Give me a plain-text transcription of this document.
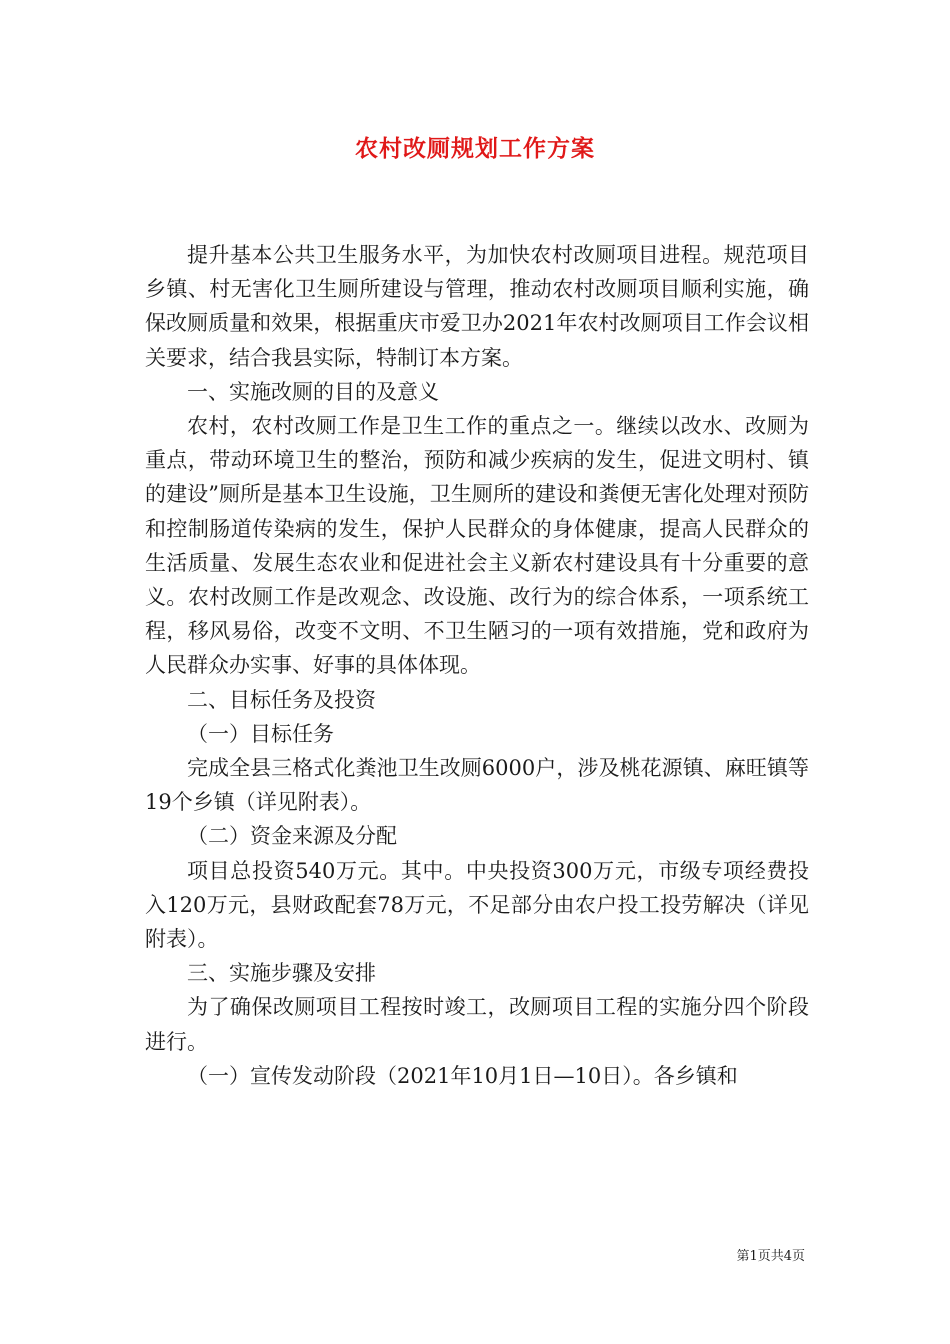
农村改厕规划工作方案

提升基本公共卫生服务水平，为加快农村改厕项目进程。规范项目乡镇、村无害化卫生厕所建设与管理，推动农村改厕项目顺利实施，确保改厕质量和效果，根据重庆市爱卫办2021年农村改厕项目工作会议相关要求，结合我县实际，特制订本方案。

一、实施改厕的目的及意义

农村，农村改厕工作是卫生工作的重点之一。继续以改水、改厕为重点，带动环境卫生的整治，预防和减少疾病的发生，促进文明村、镇的建设”厕所是基本卫生设施，卫生厕所的建设和粪便无害化处理对预防和控制肠道传染病的发生，保护人民群众的身体健康，提高人民群众的生活质量、发展生态农业和促进社会主义新农村建设具有十分重要的意义。农村改厕工作是改观念、改设施、改行为的综合体系，一项系统工程，移风易俗，改变不文明、不卫生陋习的一项有效措施，党和政府为人民群众办实事、好事的具体体现。

二、目标任务及投资

（一）目标任务

完成全县三格式化粪池卫生改厕6000户，涉及桃花源镇、麻旺镇等19个乡镇（详见附表）。

（二）资金来源及分配

项目总投资540万元。其中。中央投资300万元，市级专项经费投入120万元，县财政配套78万元，不足部分由农户投工投劳解决（详见附表）。

三、实施步骤及安排

为了确保改厕项目工程按时竣工，改厕项目工程的实施分四个阶段进行。

（一）宣传发动阶段（2021年10月1日—10日）。各乡镇和

第1页共4页
